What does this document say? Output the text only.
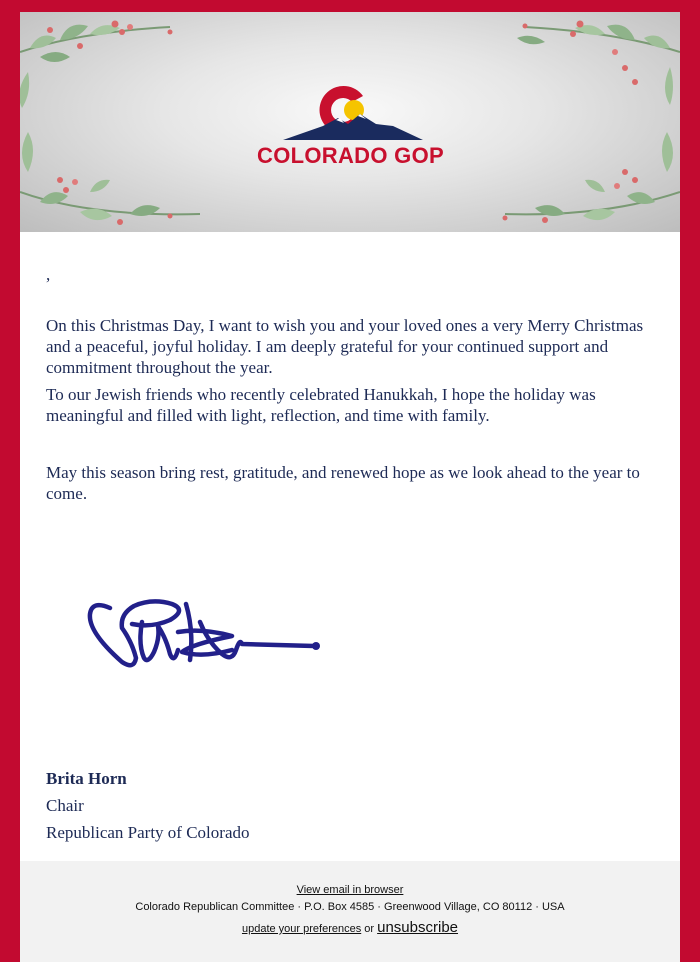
COLORADO GOP
,
On this Christmas Day, I want to wish you and your loved ones a very Merry Christmas and a peaceful, joyful holiday. I am deeply grateful for your continued support and commitment throughout the year.
To our Jewish friends who recently celebrated Hanukkah, I hope the holiday was meaningful and filled with light, reflection, and time with family.
May this season bring rest, gratitude, and renewed hope as we look ahead to the year to come.
Brita Horn
Chair
Republican Party of Colorado
View email in browser
Colorado Republican Committee · P.O. Box 4585 · Greenwood Village, CO 80112 · USA
update your preferences or unsubscribe
